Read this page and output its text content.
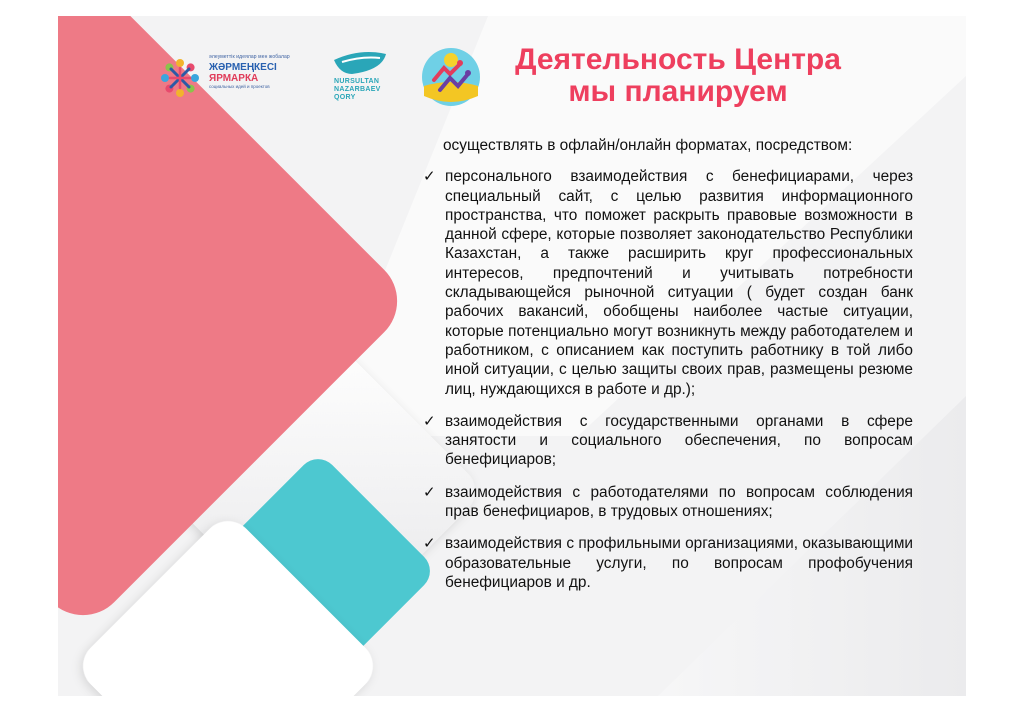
әлеуметтік идеялар мен жобалар
ЖӘРМЕҢКЕСІ
ЯРМАРКА
социальных идей и проектов
NURSULTAN
NAZARBAEV
QORY
Деятельность Центра
мы планируем
осуществлять в офлайн/онлайн форматах, посредством:
✓ персонального взаимодействия с бенефициарами, через специальный сайт, с целью развития информационного пространства, что поможет раскрыть правовые возможности в данной сфере, которые позволяет законодательство Республики Казахстан, а также расширить круг профессиональных интересов, предпочтений и учитывать потребности складывающейся рыночной ситуации ( будет создан банк рабочих вакансий, обобщены наиболее частые ситуации, которые потенциально могут возникнуть между работодателем и работником, с описанием как поступить работнику в той либо иной ситуации, с целью защиты своих прав, размещены резюме лиц, нуждающихся в работе и др.);
✓ взаимодействия с государственными органами в сфере занятости и социального обеспечения, по вопросам бенефициаров;
✓ взаимодействия с работодателями по вопросам соблюдения прав бенефициаров, в трудовых отношениях;
✓ взаимодействия с профильными организациями, оказывающими образовательные услуги, по вопросам профобучения бенефициаров и др.
